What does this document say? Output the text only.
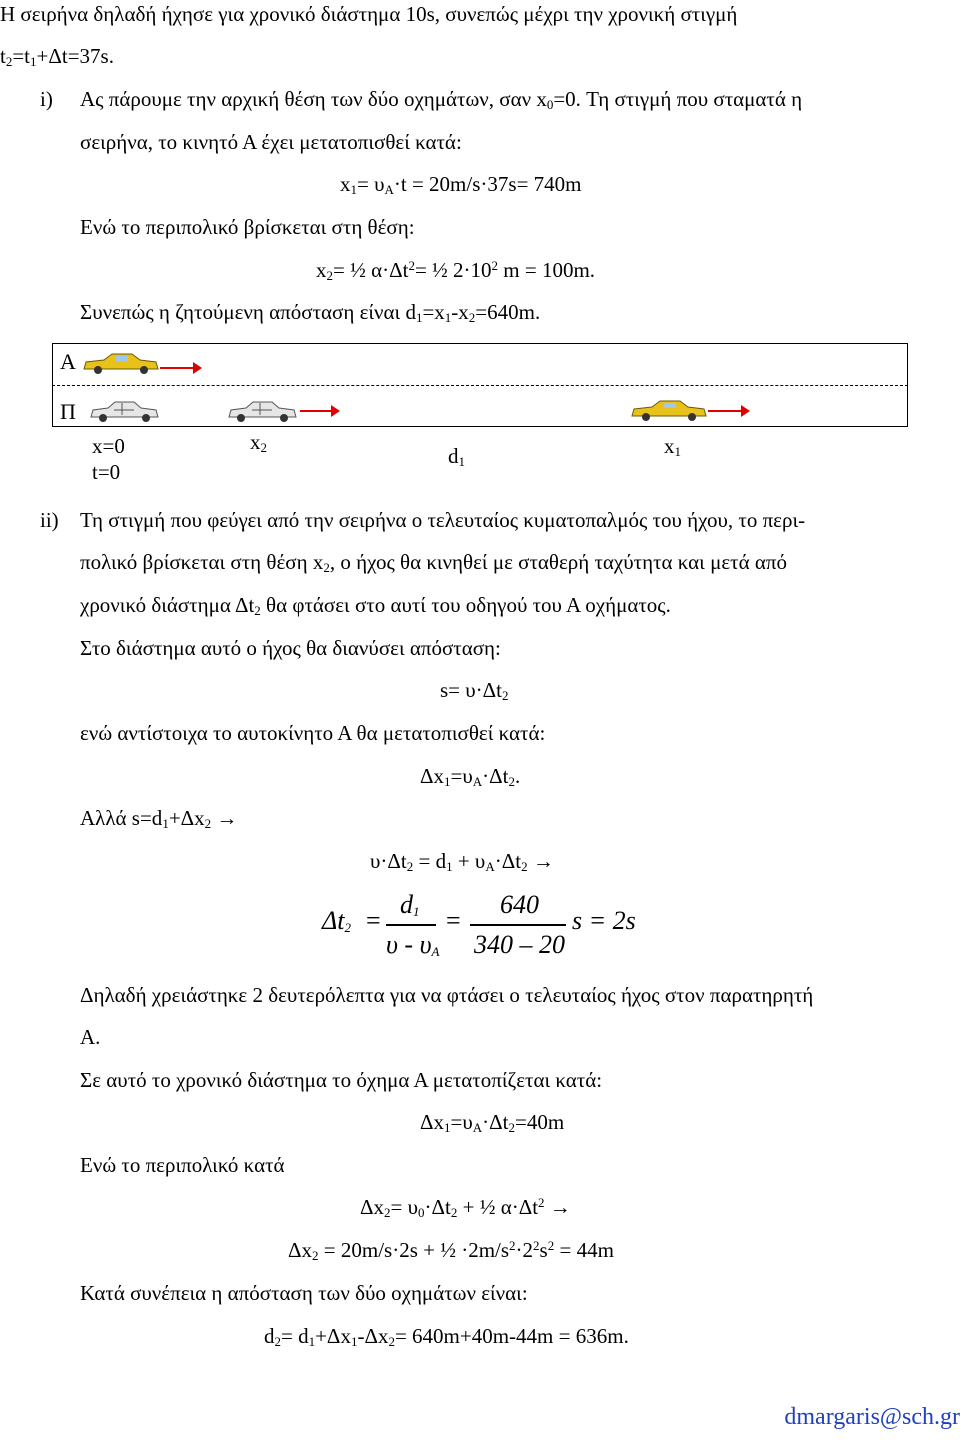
Η σειρήνα δηλαδή ήχησε για χρονικό διάστημα 10s, συνεπώς μέχρι την χρονική στιγμή
$t_2=t_1+\Delta t=37s$.
i) Ας πάρουμε την αρχική θέση των δύο οχημάτων, σαν $x_0=0$. Τη στιγμή που σταματά η
σειρήνα, το κινητό Α έχει μετατοπισθεί κατά:
$x_1= \upsilon_A\cdot t = 20m/s\cdot 37s= 740m$
Ενώ το περιπολικό βρίσκεται στη θέση:
$x_2=$ ½ $\alpha\cdot\Delta t^2=$ ½ $2\cdot 10^2$ m = 100m.
Συνεπώς η ζητούμενη απόσταση είναι $d_1=x_1-x_2=640m$.
Α
Π
x=0
t=0
$x_2$	$d_1$
$x_1$
ii) Τη στιγμή που φεύγει από την σειρήνα ο τελευταίος κυματοπαλμός του ήχου, το περι-
πολικό βρίσκεται στη θέση $x_2$, ο ήχος θα κινηθεί με σταθερή ταχύτητα και μετά από
χρονικό διάστημα $\Delta t_2$ θα φτάσει στο αυτί του οδηγού του Α οχήματος.
Στο διάστημα αυτό ο ήχος θα διανύσει απόσταση:
$s= \upsilon\cdot\Delta t_2$
ενώ αντίστοιχα το αυτοκίνητο Α θα μετατοπισθεί κατά:
$\Delta x_1=\upsilon_A\cdot\Delta t_2$.
Αλλά $s=d_1+\Delta x_2$ →
$\upsilon\cdot\Delta t_2 = d_1 + \upsilon_A\cdot\Delta t_2$ →
$\Delta t_2$ =
$d_1$
υ - $\upsilon_A$
=
640
340 – 20
s = 2s
Δηλαδή χρειάστηκε 2 δευτερόλεπτα για να φτάσει ο τελευταίος ήχος στον παρατηρητή
Α.
Σε αυτό το χρονικό διάστημα το όχημα Α μετατοπίζεται κατά:
$\Delta x_1=\upsilon_A\cdot\Delta t_2=40m$
Ενώ το περιπολικό κατά
$\Delta x_2= \upsilon_0\cdot\Delta t_2$ + ½ $\alpha\cdot\Delta t^2$ →
$\Delta x_2 = 20m/s\cdot 2s$ + ½ $\cdot 2m/s^2\cdot 2^2s^2 = 44m$
Κατά συνέπεια η απόσταση των δύο οχημάτων είναι:
$d_2= d_1+\Delta x_1-\Delta x_2= 640m+40m-44m = 636m$.
dmargaris@sch.gr
